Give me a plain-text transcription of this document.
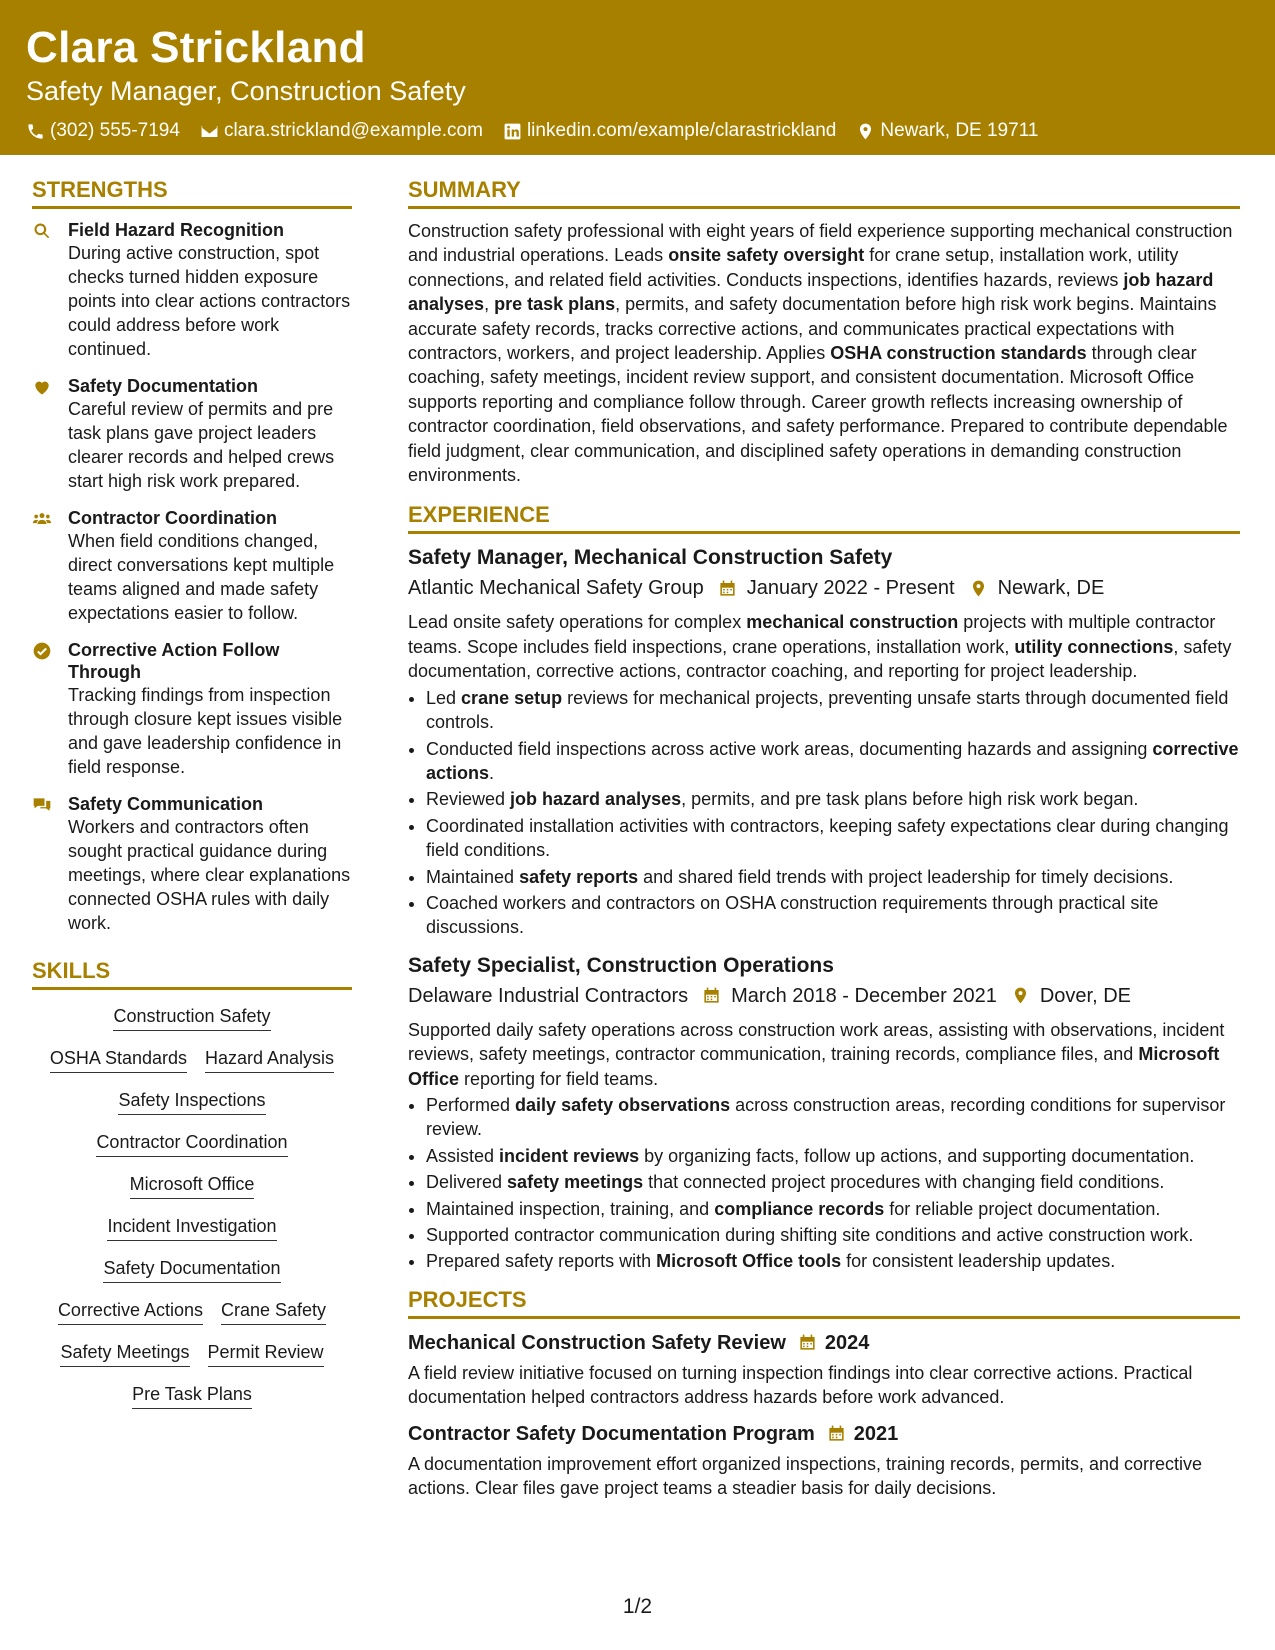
Clara Strickland
Safety Manager, Construction Safety
(302) 555-7194 clara.strickland@example.com linkedin.com/example/clarastrickland Newark, DE 19711
STRENGTHS
Field Hazard Recognition
During active construction, spot checks turned hidden exposure points into clear actions contractors could address before work continued.
Safety Documentation
Careful review of permits and pre task plans gave project leaders clearer records and helped crews start high risk work prepared.
Contractor Coordination
When field conditions changed, direct conversations kept multiple teams aligned and made safety expectations easier to follow.
Corrective Action Follow Through
Tracking findings from inspection through closure kept issues visible and gave leadership confidence in field response.
Safety Communication
Workers and contractors often sought practical guidance during meetings, where clear explanations connected OSHA rules with daily work.
SKILLS
Construction Safety
OSHA Standards Hazard Analysis
Safety Inspections
Contractor Coordination
Microsoft Office
Incident Investigation
Safety Documentation
Corrective Actions Crane Safety
Safety Meetings Permit Review
Pre Task Plans
SUMMARY
Construction safety professional with eight years of field experience supporting mechanical construction and industrial operations. Leads onsite safety oversight for crane setup, installation work, utility connections, and related field activities. Conducts inspections, identifies hazards, reviews job hazard analyses, pre task plans, permits, and safety documentation before high risk work begins. Maintains accurate safety records, tracks corrective actions, and communicates practical expectations with contractors, workers, and project leadership. Applies OSHA construction standards through clear coaching, safety meetings, incident review support, and consistent documentation. Microsoft Office supports reporting and compliance follow through. Career growth reflects increasing ownership of contractor coordination, field observations, and safety performance. Prepared to contribute dependable field judgment, clear communication, and disciplined safety operations in demanding construction environments.
EXPERIENCE
Safety Manager, Mechanical Construction Safety
Atlantic Mechanical Safety Group January 2022 - Present Newark, DE
Lead onsite safety operations for complex mechanical construction projects with multiple contractor teams. Scope includes field inspections, crane operations, installation work, utility connections, safety documentation, corrective actions, contractor coaching, and reporting for project leadership.
• Led crane setup reviews for mechanical projects, preventing unsafe starts through documented field controls.
• Conducted field inspections across active work areas, documenting hazards and assigning corrective actions.
• Reviewed job hazard analyses, permits, and pre task plans before high risk work began.
• Coordinated installation activities with contractors, keeping safety expectations clear during changing field conditions.
• Maintained safety reports and shared field trends with project leadership for timely decisions.
• Coached workers and contractors on OSHA construction requirements through practical site discussions.
Safety Specialist, Construction Operations
Delaware Industrial Contractors March 2018 - December 2021 Dover, DE
Supported daily safety operations across construction work areas, assisting with observations, incident reviews, safety meetings, contractor communication, training records, compliance files, and Microsoft Office reporting for field teams.
• Performed daily safety observations across construction areas, recording conditions for supervisor review.
• Assisted incident reviews by organizing facts, follow up actions, and supporting documentation.
• Delivered safety meetings that connected project procedures with changing field conditions.
• Maintained inspection, training, and compliance records for reliable project documentation.
• Supported contractor communication during shifting site conditions and active construction work.
• Prepared safety reports with Microsoft Office tools for consistent leadership updates.
PROJECTS
Mechanical Construction Safety Review 2024
A field review initiative focused on turning inspection findings into clear corrective actions. Practical documentation helped contractors address hazards before work advanced.
Contractor Safety Documentation Program 2021
A documentation improvement effort organized inspections, training records, permits, and corrective actions. Clear files gave project teams a steadier basis for daily decisions.
1/2
